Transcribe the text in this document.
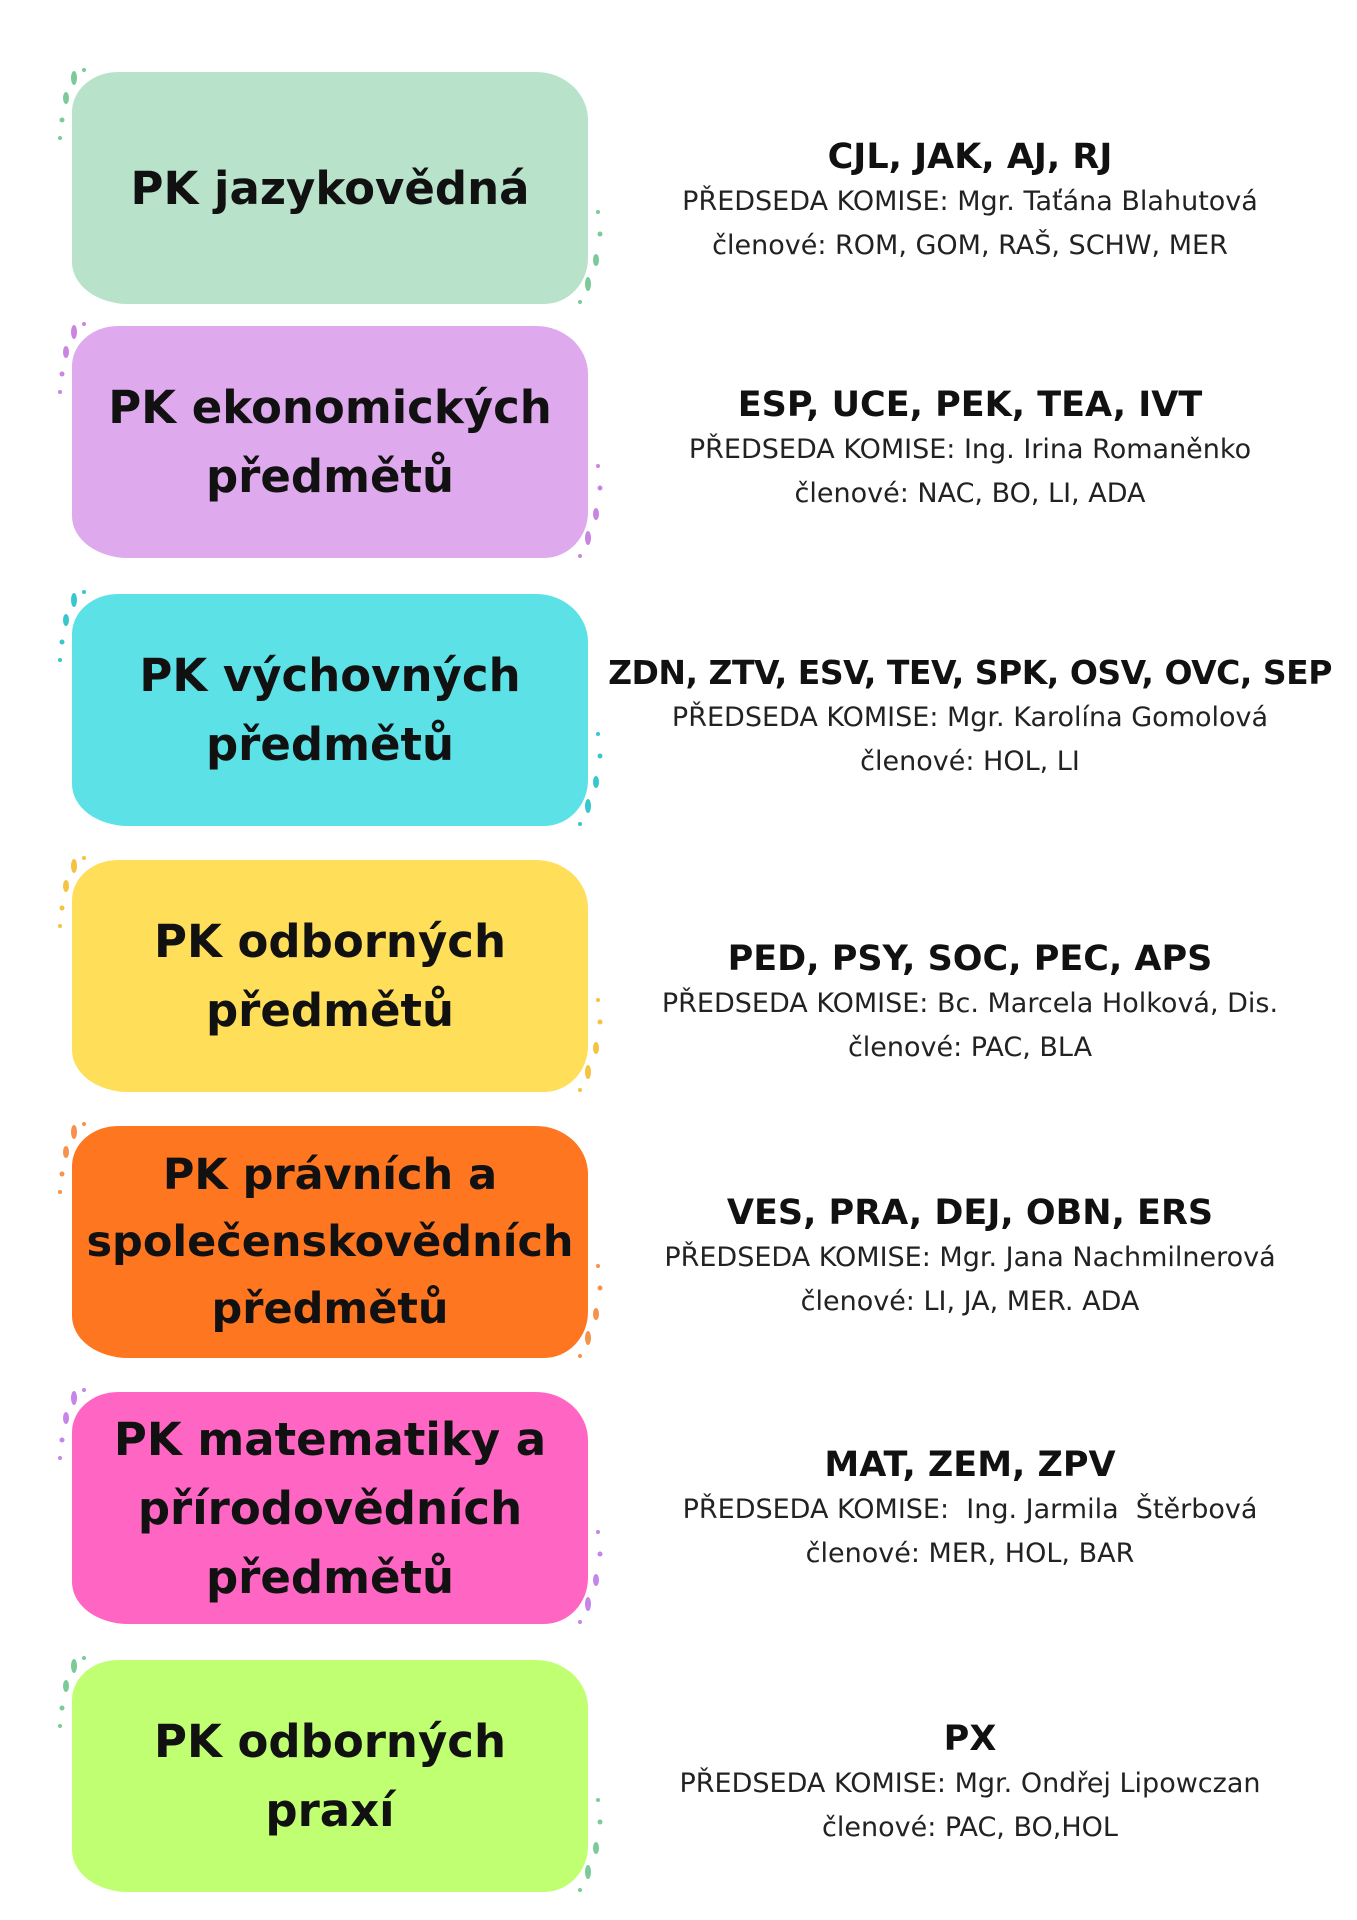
PK jazykovědná
CJL, JAK, AJ, RJ
PŘEDSEDA KOMISE: Mgr. Taťána Blahutová
členové: ROM, GOM, RAŠ, SCHW, MER
PK ekonomických
předmětů
ESP, UCE, PEK, TEA, IVT
PŘEDSEDA KOMISE: Ing. Irina Romaněnko
členové: NAC, BO, LI, ADA
PK výchovných
předmětů
ZDN, ZTV, ESV, TEV, SPK, OSV, OVC, SEP
PŘEDSEDA KOMISE: Mgr. Karolína Gomolová
členové: HOL, LI
PK odborných
předmětů
PED, PSY, SOC, PEC, APS
PŘEDSEDA KOMISE: Bc. Marcela Holková, Dis.
členové: PAC, BLA
PK právních a
společenskovědních
předmětů
VES, PRA, DEJ, OBN, ERS
PŘEDSEDA KOMISE: Mgr. Jana Nachmilnerová
členové: LI, JA, MER. ADA
PK matematiky a
přírodovědních
předmětů
MAT, ZEM, ZPV
PŘEDSEDA KOMISE:  Ing. Jarmila  Štěrbová
členové: MER, HOL, BAR
PK odborných
praxí
PX
PŘEDSEDA KOMISE: Mgr. Ondřej Lipowczan
členové: PAC, BO,HOL
